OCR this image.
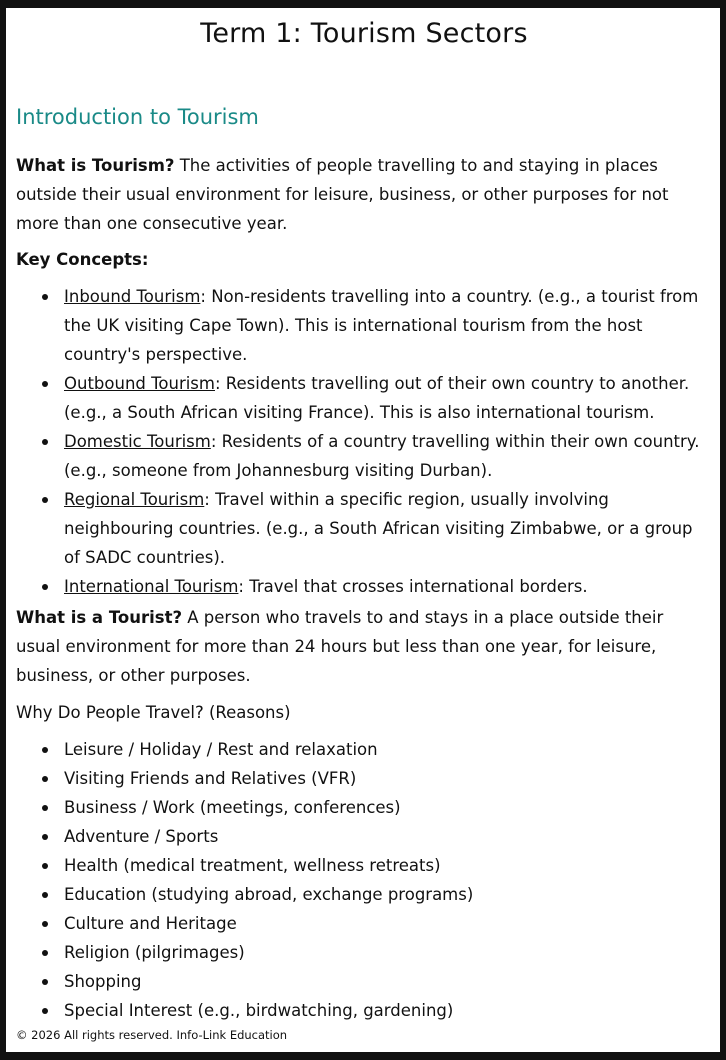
Term 1: Tourism Sectors
Introduction to Tourism

What is Tourism? The activities of people travelling to and staying in places outside their usual environment for leisure, business, or other purposes for not more than one consecutive year.

Key Concepts:

Inbound Tourism: Non-residents travelling into a country. (e.g., a tourist from the UK visiting Cape Town). This is international tourism from the host country's perspective.
Outbound Tourism: Residents travelling out of their own country to another. (e.g., a South African visiting France). This is also international tourism.
Domestic Tourism: Residents of a country travelling within their own country. (e.g., someone from Johannesburg visiting Durban).
Regional Tourism: Travel within a specific region, usually involving neighbouring countries. (e.g., a South African visiting Zimbabwe, or a group of SADC countries).
International Tourism: Travel that crosses international borders.

What is a Tourist? A person who travels to and stays in a place outside their usual environment for more than 24 hours but less than one year, for leisure, business, or other purposes.

Why Do People Travel? (Reasons)

Leisure / Holiday / Rest and relaxation
Visiting Friends and Relatives (VFR)
Business / Work (meetings, conferences)
Adventure / Sports
Health (medical treatment, wellness retreats)
Education (studying abroad, exchange programs)
Culture and Heritage
Religion (pilgrimages)
Shopping
Special Interest (e.g., birdwatching, gardening)

© 2026 All rights reserved. Info-Link Education
